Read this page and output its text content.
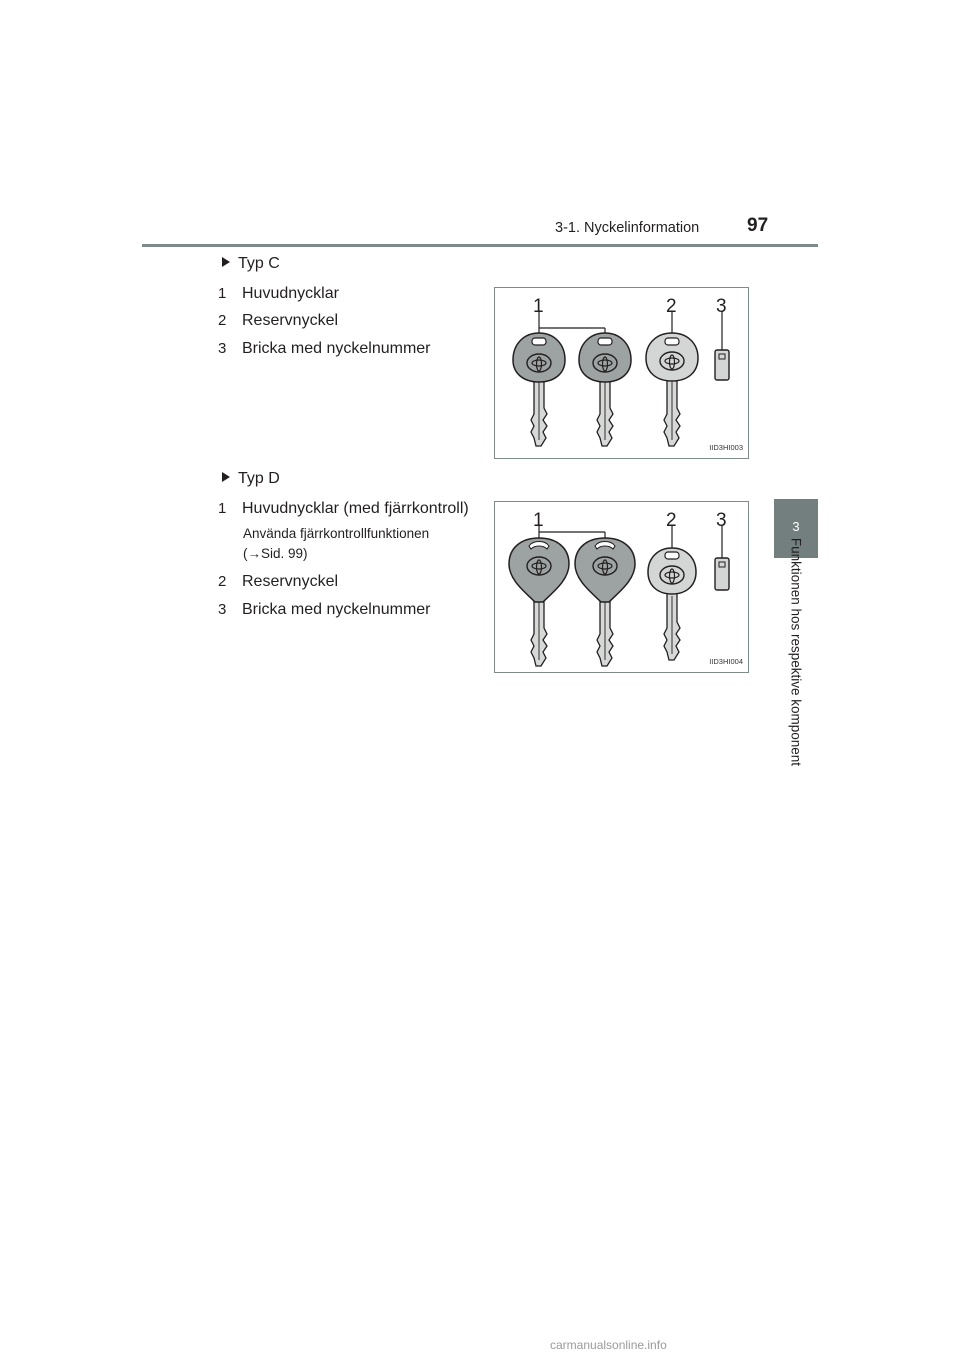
3-1. Nyckelinformation	97
3
Funktionen hos respektive komponent
Typ C
1 Huvudnycklar
2 Reservnyckel
3 Bricka med nyckelnummer
1	2 3
IID3HI003
Typ D
1 Huvudnycklar (med fjärrkontroll)
Använda fjärrkontrollfunktionen
(→Sid. 99)
2 Reservnyckel
3 Bricka med nyckelnummer
1	2 3
IID3HI004
carmanualsonline.info
